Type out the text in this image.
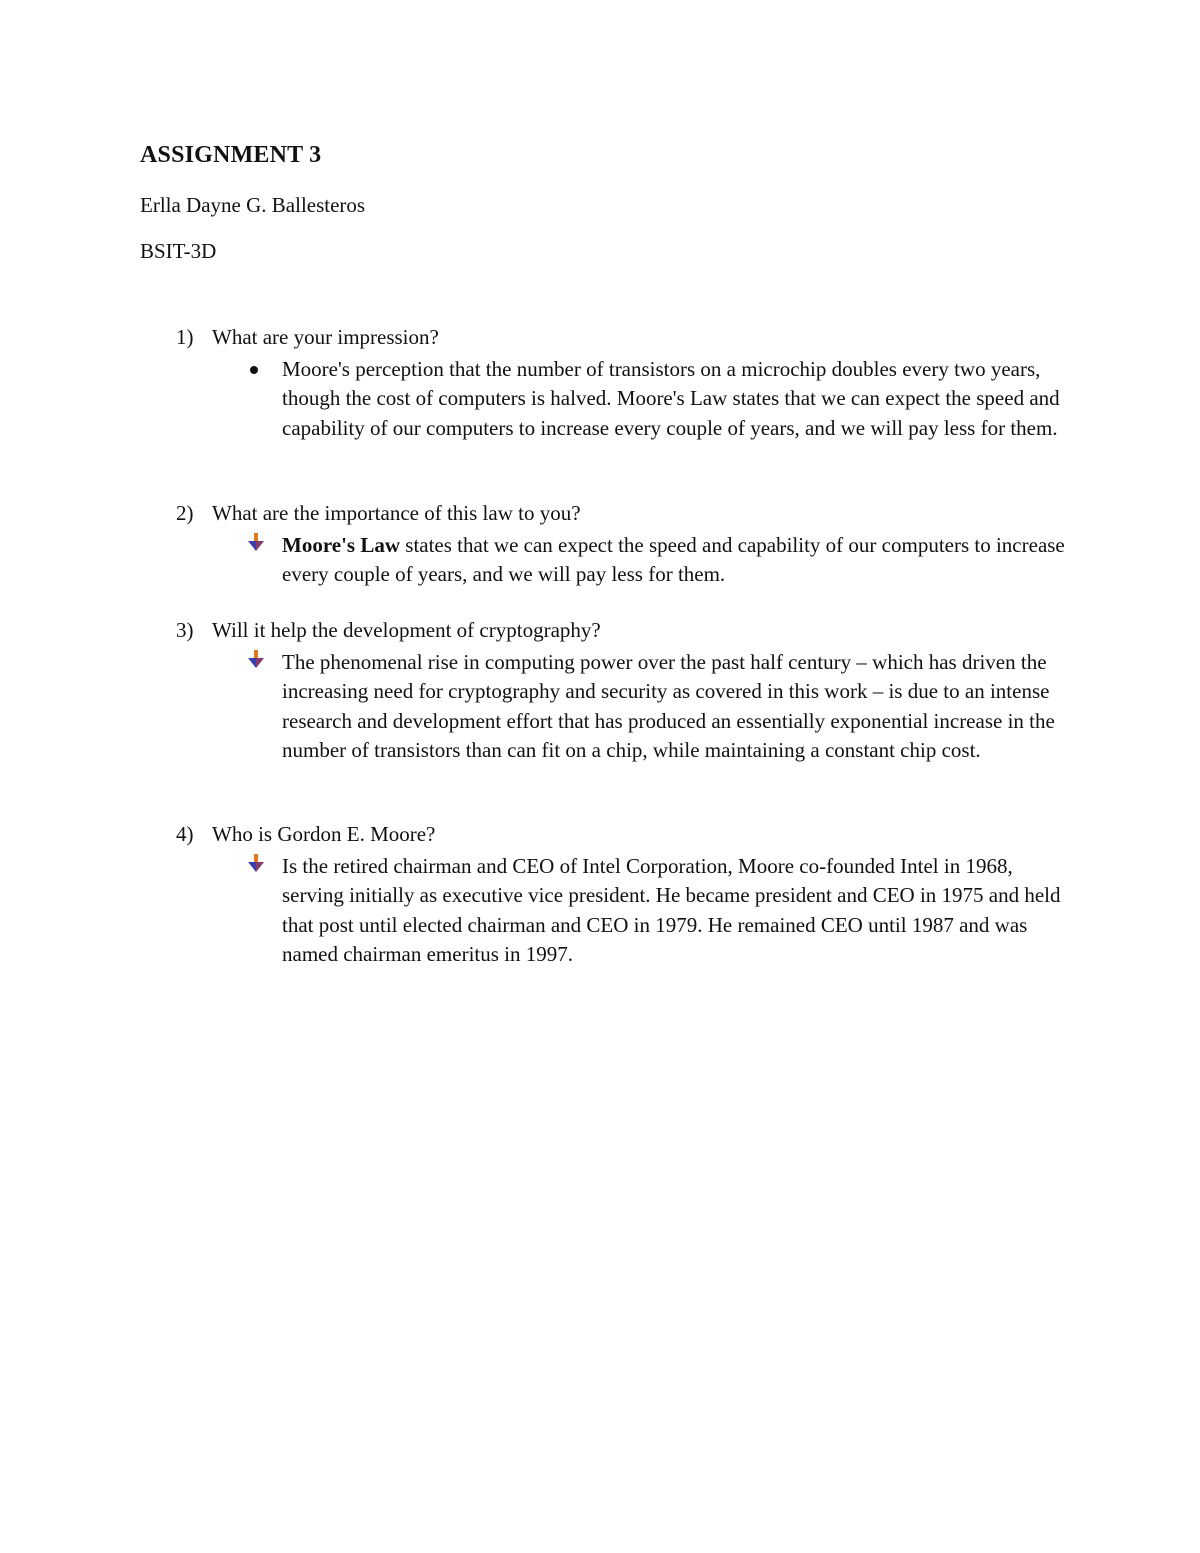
ASSIGNMENT 3
Erlla Dayne G. Ballesteros
BSIT-3D
1) What are your impression?
Moore's perception that the number of transistors on a microchip doubles every two years, though the cost of computers is halved. Moore's Law states that we can expect the speed and capability of our computers to increase every couple of years, and we will pay less for them.
2) What are the importance of this law to you?
Moore's Law states that we can expect the speed and capability of our computers to increase every couple of years, and we will pay less for them.
3) Will it help the development of cryptography?
The phenomenal rise in computing power over the past half century – which has driven the increasing need for cryptography and security as covered in this work – is due to an intense research and development effort that has produced an essentially exponential increase in the number of transistors than can fit on a chip, while maintaining a constant chip cost.
4) Who is Gordon E. Moore?
Is the retired chairman and CEO of Intel Corporation, Moore co-founded Intel in 1968, serving initially as executive vice president. He became president and CEO in 1975 and held that post until elected chairman and CEO in 1979. He remained CEO until 1987 and was named chairman emeritus in 1997.
